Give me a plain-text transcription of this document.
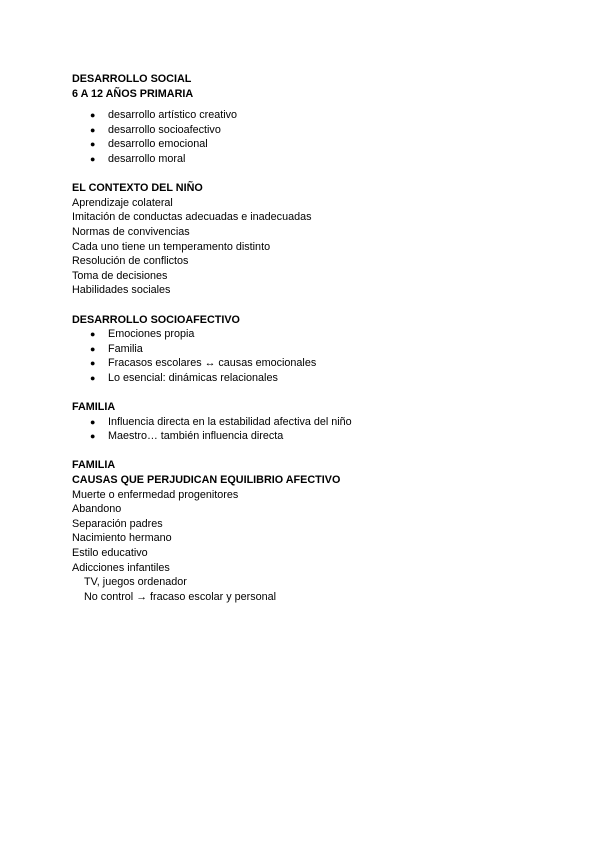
DESARROLLO SOCIAL

6 A 12 AÑOS PRIMARIA

● desarrollo artístico creativo
● desarrollo socioafectivo
● desarrollo emocional
● desarrollo moral

EL CONTEXTO DEL NIÑO

Aprendizaje colateral

Imitación de conductas adecuadas e inadecuadas

Normas de convivencias

Cada uno tiene un temperamento distinto

Resolución de conflictos

Toma de decisiones

Habilidades sociales

DESARROLLO SOCIOAFECTIVO

● Emociones propia
● Familia
● Fracasos escolares ↔ causas emocionales
● Lo esencial: dinámicas relacionales

FAMILIA

● Influencia directa en la estabilidad afectiva del niño
● Maestro… también influencia directa

FAMILIA

CAUSAS QUE PERJUDICAN EQUILIBRIO AFECTIVO

Muerte o enfermedad progenitores

Abandono

Separación padres

Nacimiento hermano

Estilo educativo

Adicciones infantiles

TV, juegos ordenador

No control → fracaso escolar y personal
